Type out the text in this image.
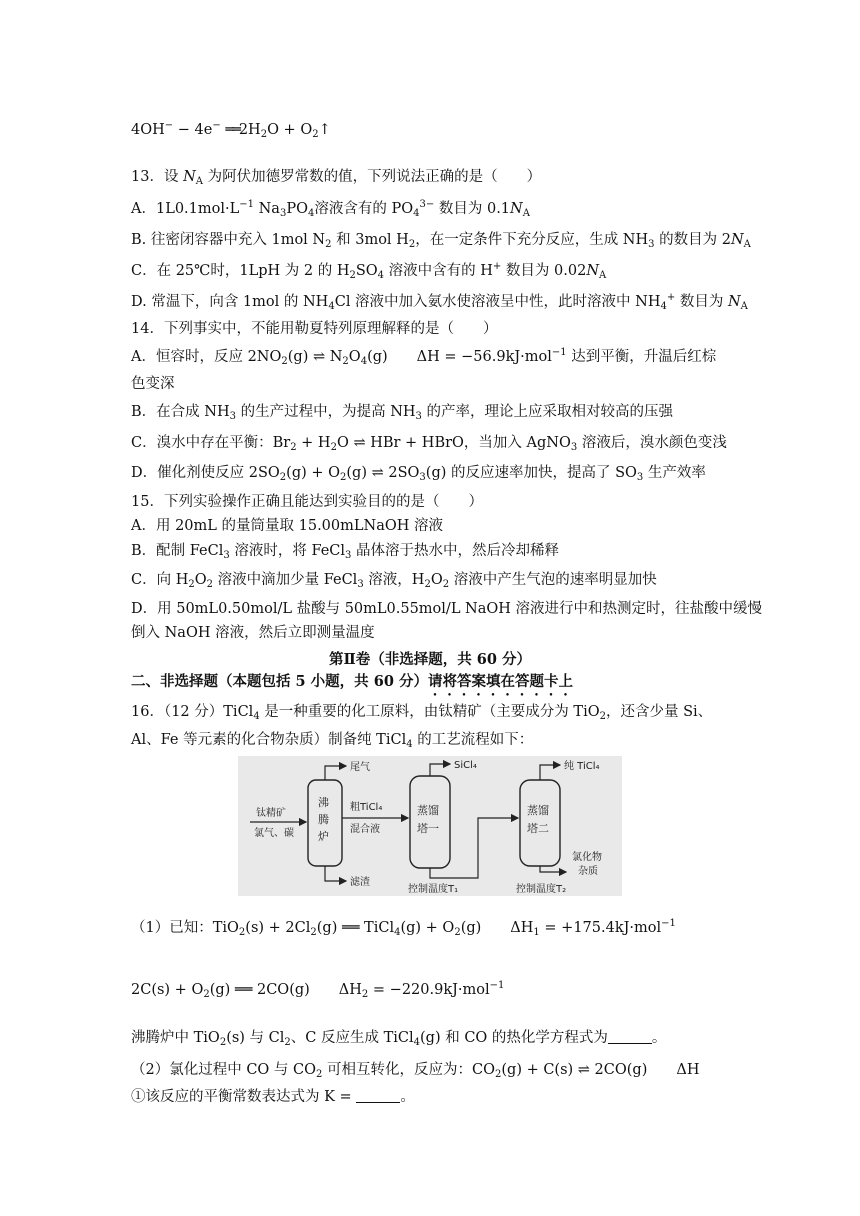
4OH− − 4e− $══2H_2O$ + $O_2↑$
13．设 $N_A$ 为阿伏加德罗常数的值，下列说法正确的是（　　）
A．$1L0.1mol\cdot L^{-1}$ $Na_3PO_4$溶液含有的 $PO_4^{3-}$ 数目为 $0.1N_A$
B. 往密闭容器中充入 1mol $N_2$ 和 3mol $H_2$，在一定条件下充分反应，生成 $NH_3$ 的数目为 $2N_A$
C．在 25℃时，1LpH 为 2 的 $H_2SO_4$ 溶液中含有的 H+ 数目为 $0.02N_A$
D. 常温下，向含 1mol 的 $NH_4Cl$ 溶液中加入氨水使溶液呈中性，此时溶液中 $NH_4^+$ 数目为 $N_A$
14．下列事实中，不能用勒夏特列原理解释的是（　　）
A．恒容时，反应 $2NO_2(g)$ ⇌ $N_2O_4(g)$　　ΔH = −56.9kJ·mol$^{-1}$ 达到平衡，升温后红棕
色变深
B．在合成 $NH_3$ 的生产过程中，为提高 $NH_3$ 的产率，理论上应采取相对较高的压强
C．溴水中存在平衡：$Br_2 + H_2O$ ⇌ HBr + HBrO，当加入 AgNO$_3$ 溶液后，溴水颜色变浅
D．催化剂使反应 $2SO_2(g) + O_2(g)$ ⇌ $2SO_3(g)$ 的反应速率加快，提高了 $SO_3$ 生产效率
15．下列实验操作正确且能达到实验目的的是（　　）
A．用 20mL 的量筒量取 15.00mLNaOH 溶液
B．配制 FeCl$_3$ 溶液时，将 FeCl$_3$ 晶体溶于热水中，然后冷却稀释
C．向 $H_2O_2$ 溶液中滴加少量 FeCl$_3$ 溶液，$H_2O_2$ 溶液中产生气泡的速率明显加快
D．用 50mL0.50mol/L 盐酸与 50mL0.55mol/L NaOH 溶液进行中和热测定时，往盐酸中缓慢
倒入 NaOH 溶液，然后立即测量温度
第Ⅱ卷（非选择题，共 60 分）
二、非选择题（本题包括 5 小题，共 60 分）请将答案填在答题卡上
16．（12 分）TiCl$_4$ 是一种重要的化工原料，由钛精矿（主要成分为 TiO$_2$，还含少量 Si、
Al、Fe 等元素的化合物杂质）制备纯 TiCl$_4$ 的工艺流程如下：
钛精矿
氯气、碳
沸
腾
炉
尾气
滤渣
粗TiCl₄
混合液
蒸馏
塔一
SiCl₄
控制温度T₁
蒸馏
塔二
纯 TiCl₄
氯化物
杂质
控制温度T₂
（1）已知：$TiO_2(s) + 2Cl_2(g)$ ══ TiCl$_4$(g) + $O_2(g)$　　$\Delta H_1 = +175.4kJ\cdot mol^{-1}$
$2C(s) + O_2(g)$ ══ 2CO(g)　　$\Delta H_2 = -220.9kJ\cdot mol^{-1}$
沸腾炉中 TiO$_2$(s) 与 $Cl_2$、C 反应生成 TiCl$_4$(g) 和 CO 的热化学方程式为	。
（2）氯化过程中 CO 与 $CO_2$ 可相互转化，反应为：$CO_2(g) + C(s)$ ⇌ 2CO(g)　　ΔH
①该反应的平衡常数表达式为 K =	。
